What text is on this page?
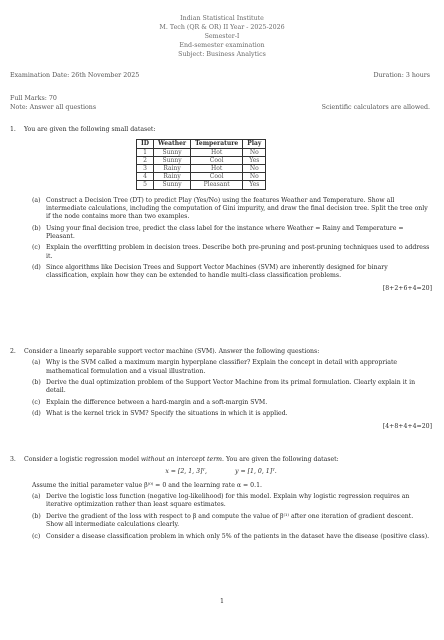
Indian Statistical Institute
M. Tech (QR & OR) II Year - 2025-2026
Semester-I
End-semester examination
Subject: Business Analytics
Examination Date: 26th November 2025	Duration: 3 hours
Full Marks: 70
Note: Answer all questions	Scientific calculators are allowed.
1.	You are given the following small dataset:
ID	Weather	Temperature	Play
1	Sunny	Hot	No
2	Sunny	Cool	Yes
3	Rainy	Hot	No
4	Rainy	Cool	No
5	Sunny	Pleasant	Yes
(a) Construct a Decision Tree (DT) to predict Play (Yes/No) using the features Weather and Temperature. Show all intermediate calculations, including the computation of Gini impurity, and draw the final decision tree. Split the tree only if the node contains more than two examples.
(b) Using your final decision tree, predict the class label for the instance where Weather = Rainy and Temperature = Pleasant.
(c) Explain the overfitting problem in decision trees. Describe both pre-pruning and post-pruning techniques used to address it.
(d) Since algorithms like Decision Trees and Support Vector Machines (SVM) are inherently designed for binary classification, explain how they can be extended to handle multi-class classification problems.
[8+2+6+4=20]
2.	Consider a linearly separable support vector machine (SVM). Answer the following questions:
(a) Why is the SVM called a maximum margin hyperplane classifier? Explain the concept in detail with appropriate mathematical formulation and a visual illustration.
(b) Derive the dual optimization problem of the Support Vector Machine from its primal formulation. Clearly explain it in detail.
(c) Explain the difference between a hard-margin and a soft-margin SVM.
(d) What is the kernel trick in SVM? Specify the situations in which it is applied.
[4+8+4+4=20]
3.	Consider a logistic regression model without an intercept term. You are given the following dataset:
x = [2, 1, 3]ᵀ,	y = [1, 0, 1]ᵀ.
Assume the initial parameter value β⁽⁰⁾ = 0 and the learning rate α = 0.1.
(a) Derive the logistic loss function (negative log-likelihood) for this model. Explain why logistic regression requires an iterative optimization rather than least square estimates.
(b) Derive the gradient of the loss with respect to β and compute the value of β⁽¹⁾ after one iteration of gradient descent. Show all intermediate calculations clearly.
(c) Consider a disease classification problem in which only 5% of the patients in the dataset have the disease (positive class).
1
